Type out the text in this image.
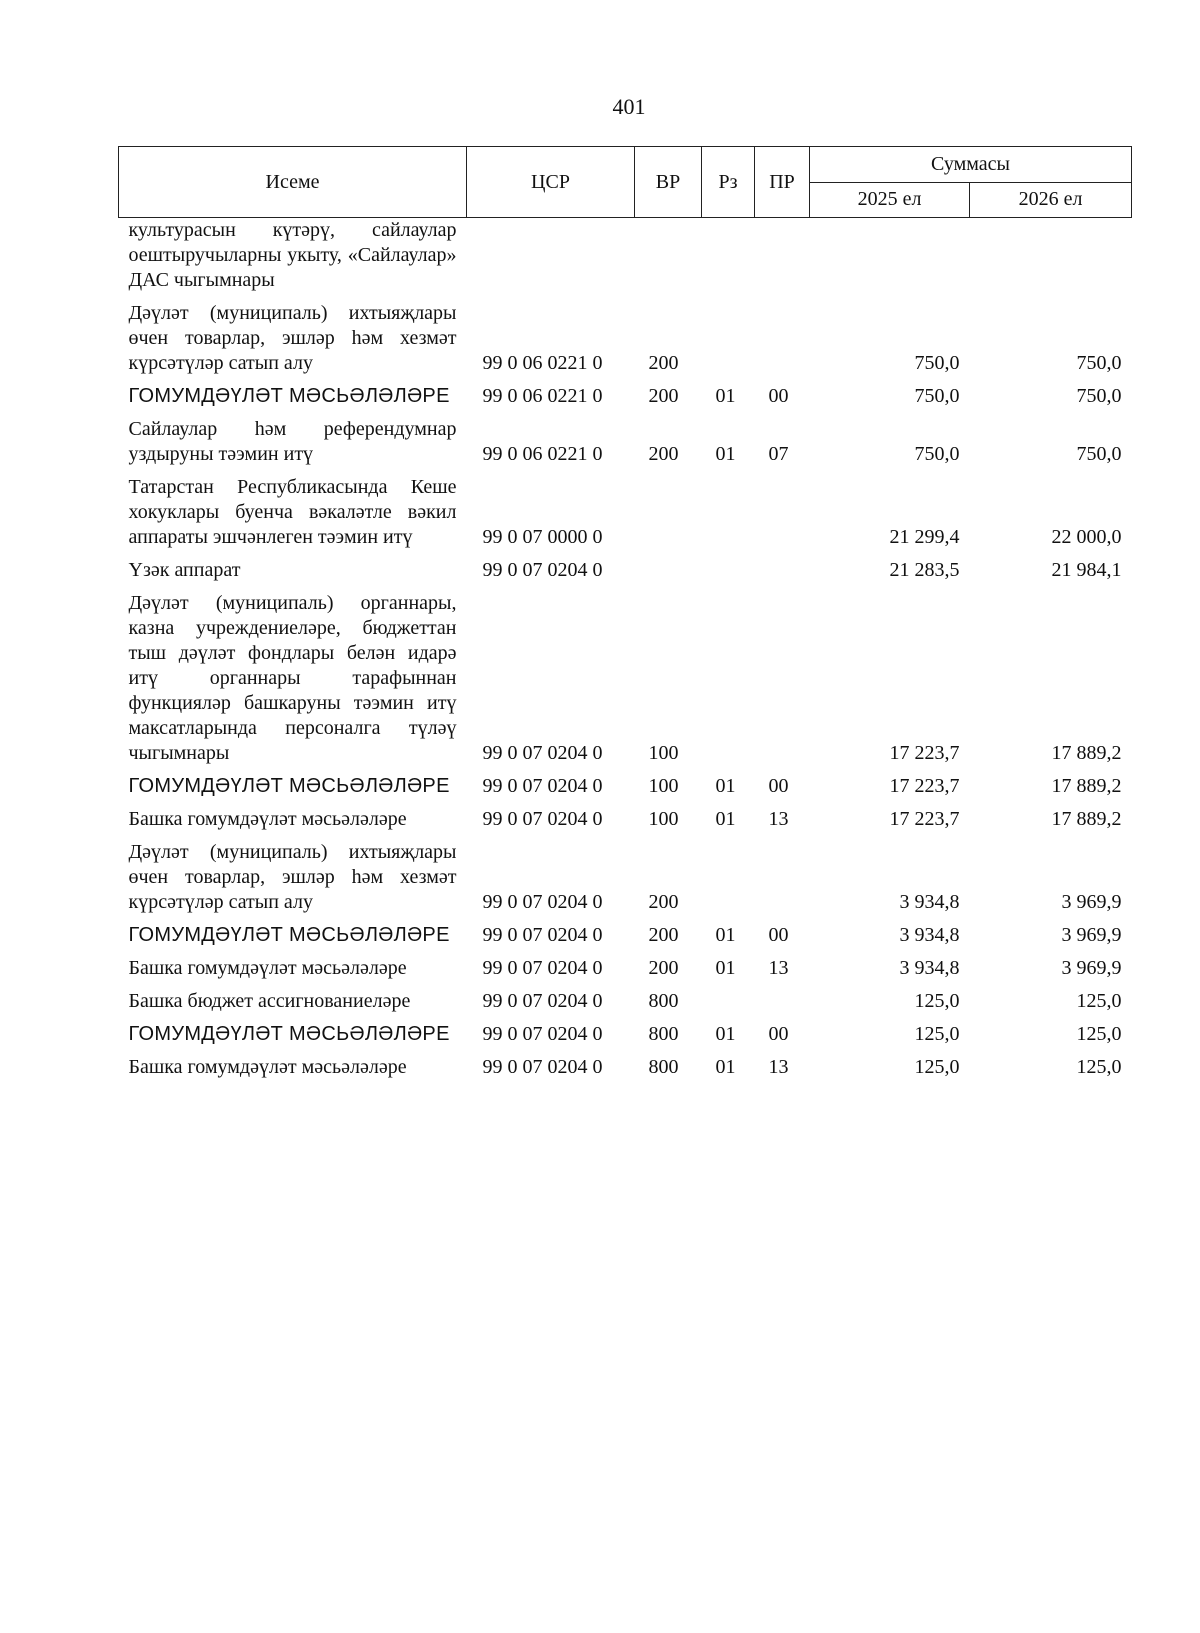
401
Исеме	ЦСР	ВР	Рз	ПР	Суммасы	
					2025 ел	2026 ел
культурасын күтәрү, сайлаулар оештыручыларны укыту, «Сайлаулар» ДАС чыгымнары						
Дәүләт (муниципаль) ихтыяҗлары өчен товарлар, эшләр һәм хезмәт күрсәтүләр сатып алу	99 0 06 0221 0	200			750,0	750,0
ГОМУМДӘҮЛӘТ МӘСЬӘЛӘЛӘРЕ	99 0 06 0221 0	200	01	00	750,0	750,0
Сайлаулар һәм референдумнар уздыруны тәэмин итү	99 0 06 0221 0	200	01	07	750,0	750,0
Татарстан Республикасында Кеше хокуклары буенча вәкаләтле вәкил аппараты эшчәнлеген тәэмин итү	99 0 07 0000 0				21 299,4	22 000,0
Үзәк аппарат	99 0 07 0204 0				21 283,5	21 984,1
Дәүләт (муниципаль) органнары, казна учреждениеләре, бюджеттан тыш дәүләт фондлары белән идарә итү органнары тарафыннан функцияләр башкаруны тәэмин итү максатларында персоналга түләү чыгымнары	99 0 07 0204 0	100			17 223,7	17 889,2
ГОМУМДӘҮЛӘТ МӘСЬӘЛӘЛӘРЕ	99 0 07 0204 0	100	01	00	17 223,7	17 889,2
Башка гомумдәүләт мәсьәләләре	99 0 07 0204 0	100	01	13	17 223,7	17 889,2
Дәүләт (муниципаль) ихтыяҗлары өчен товарлар, эшләр һәм хезмәт күрсәтүләр сатып алу	99 0 07 0204 0	200			3 934,8	3 969,9
ГОМУМДӘҮЛӘТ МӘСЬӘЛӘЛӘРЕ	99 0 07 0204 0	200	01	00	3 934,8	3 969,9
Башка гомумдәүләт мәсьәләләре	99 0 07 0204 0	200	01	13	3 934,8	3 969,9
Башка бюджет ассигнованиеләре	99 0 07 0204 0	800			125,0	125,0
ГОМУМДӘҮЛӘТ МӘСЬӘЛӘЛӘРЕ	99 0 07 0204 0	800	01	00	125,0	125,0
Башка гомумдәүләт мәсьәләләре	99 0 07 0204 0	800	01	13	125,0	125,0
